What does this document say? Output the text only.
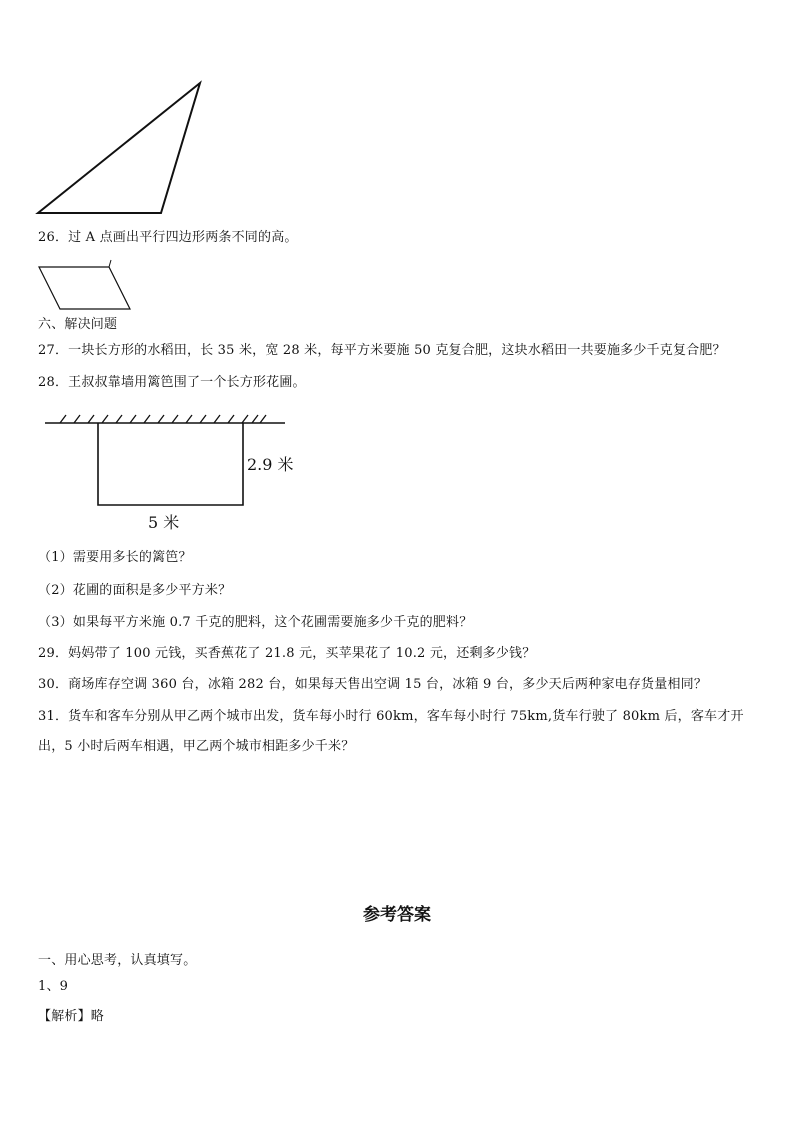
26．过 A 点画出平行四边形两条不同的高。
六、解决问题
27．一块长方形的水稻田，长 35 米，宽 28 米，每平方米要施 50 克复合肥，这块水稻田一共要施多少千克复合肥？
28．王叔叔靠墙用篱笆围了一个长方形花圃。
2.9 米
5 米
（1）需要用多长的篱笆？
（2）花圃的面积是多少平方米？
（3）如果每平方米施 0.7 千克的肥料，这个花圃需要施多少千克的肥料？
29．妈妈带了 100 元钱，买香蕉花了 21.8 元，买苹果花了 10.2 元，还剩多少钱？
30．商场库存空调 360 台，冰箱 282 台，如果每天售出空调 15 台，冰箱 9 台，多少天后两种家电存货量相同？
31．货车和客车分别从甲乙两个城市出发，货车每小时行 60km，客车每小时行 75km,货车行驶了 80km 后，客车才开
出，5 小时后两车相遇，甲乙两个城市相距多少千米？
参考答案
一、用心思考，认真填写。
1、9
【解析】略
